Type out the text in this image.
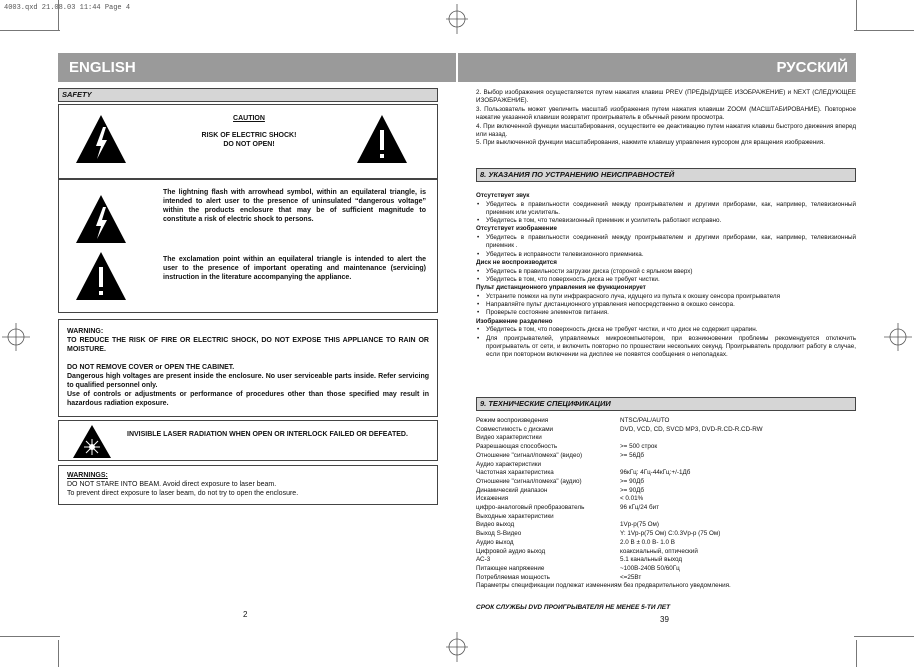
4003.qxd 21.08.03 11:44 Page 4
ENGLISH	РУССКИЙ
SAFETY
CAUTION
RISK OF ELECTRIC SHOCK!
DO NOT OPEN!
The lightning flash with arrowhead symbol, within an equilateral triangle, is intended to alert user to the presence of uninsulated “dangerous voltage” within the products enclosure that may be of sufficient magnitude to constitute a risk of electric shock to persons.
The exclamation point within an equilateral triangle is intended to alert the user to the presence of important operating and maintenance (servicing) instruction in the literature accompanying the appliance.
WARNING:
TO REDUCE THE RISK OF FIRE OR ELECTRIC SHOCK, DO NOT EXPOSE THIS APPLIANCE TO RAIN OR MOISTURE.
DO NOT REMOVE COVER or OPEN THE CABINET.
Dangerous high voltages are present inside the enclosure. No user serviceable parts inside. Refer servicing to qualified personnel only.
Use of controls or adjustments or performance of procedures other than those specified may result in hazardous radiation exposure.
INVISIBLE LASER RADIATION WHEN OPEN OR INTERLOCK FAILED OR DEFEATED.
WARNINGS:
DO NOT STARE INTO BEAM. Avoid direct exposure to laser beam.
To prevent direct exposure to laser beam, do not try to open the enclosure.
2
2. Выбор изображения осуществляется путем нажатия клавиш PREV (ПРЕДЫДУЩЕЕ ИЗОБРАЖЕНИЕ) и NEXT (СЛЕДУЮЩЕЕ ИЗОБРАЖЕНИЕ).
3. Пользователь может увеличить масштаб изображения путем нажатия клавиши ZOOM (МАСШТАБИРОВАНИЕ). Повторное нажатие указанной клавиши возвратит проигрыватель в обычный режим просмотра.
4. При включенной функции масштабирования, осуществите ее деактивацию путем нажатия клавиш быстрого движения вперед или назад.
5. При выключенной функции масштабирования, нажмите клавишу управления курсором для вращения изображения.
8. УКАЗАНИЯ ПО УСТРАНЕНИЮ НЕИСПРАВНОСТЕЙ
Отсутствует звук
• Убедитесь в правильности соединений между проигрывателем и другими приборами, как, например, телевизионный приемник или усилитель.
• Убедитесь в том, что телевизионный приемник и усилитель работают исправно.
Отсутствует изображение
• Убедитесь в правильности соединений между проигрывателем и другими приборами, как, например, телевизионный приемник .
• Убедитесь в исправности телевизионного приемника.
Диск не воспроизводится
• Убедитесь в правильности загрузки диска (стороной с ярлыком вверх)
• Убедитесь в том, что поверхность диска не требует чистки.
Пульт дистанционного управления не функционирует
• Устраните помехи на пути инфракрасного луча, идущего из пульта к окошку сенсора проигрывателя
• Направляйте пульт дистанционного управления непосредственно в окошко сенсора.
• Проверьте состояние элементов питания.
Изображение разделено
• Убедитесь в том, что поверхность диска не требует чистки, и что диск не содержит царапин.
• Для проигрывателей, управляемых микрокомпьютером, при возникновении проблемы рекомендуется отключить проигрыватель от сети, и включить повторно по прошествии нескольких секунд. Проигрыватель продолжит работу в случае, если при повторном включении на дисплее не появятся сообщения о неполадках.
9. ТЕХНИЧЕСКИЕ СПЕЦИФИКАЦИИ
Режим воспроизведения	NTSC/PAL/AUTO
Совместимость с дисками	DVD, VCD, CD, SVCD MP3, DVD-R.CD-R.CD-RW
Видео характеристики
Разрешающая способность	>= 500 строк
Отношение "сигнал/помеха" (видео)	>= 56Дб
Аудио характеристики
Частотная характеристика	96кГц: 4Гц-44кГц:+/-1Дб
Отношение "сигнал/помеха" (аудио)	>= 90Дб
Динамический диапазон	>= 90Дб
Искажения	< 0.01%
цифро-аналоговый преобразователь	96 кГц/24 бит
Выходные характеристики
Видео выход	1Vp-p(75 Ом)
Выход S-Видео	Y: 1Vp-p(75 Ом) C:0.3Vp-p (75 Ом)
Аудио выход	2.0 В ± 0.0 В- 1.0 В
Цифровой аудио выход	коаксиальный, оптический
АС-3	5.1 канальный выход
Питающее напряжение	~100В-240В 50/60Гц
Потребляемая мощность	<=25Вт
Параметры спецификации подлежат изменениям без предварительного уведомления.
СРОК СЛУЖБЫ DVD ПРОИГРЫВАТЕЛЯ НЕ МЕНЕЕ 5-ТИ ЛЕТ
39
